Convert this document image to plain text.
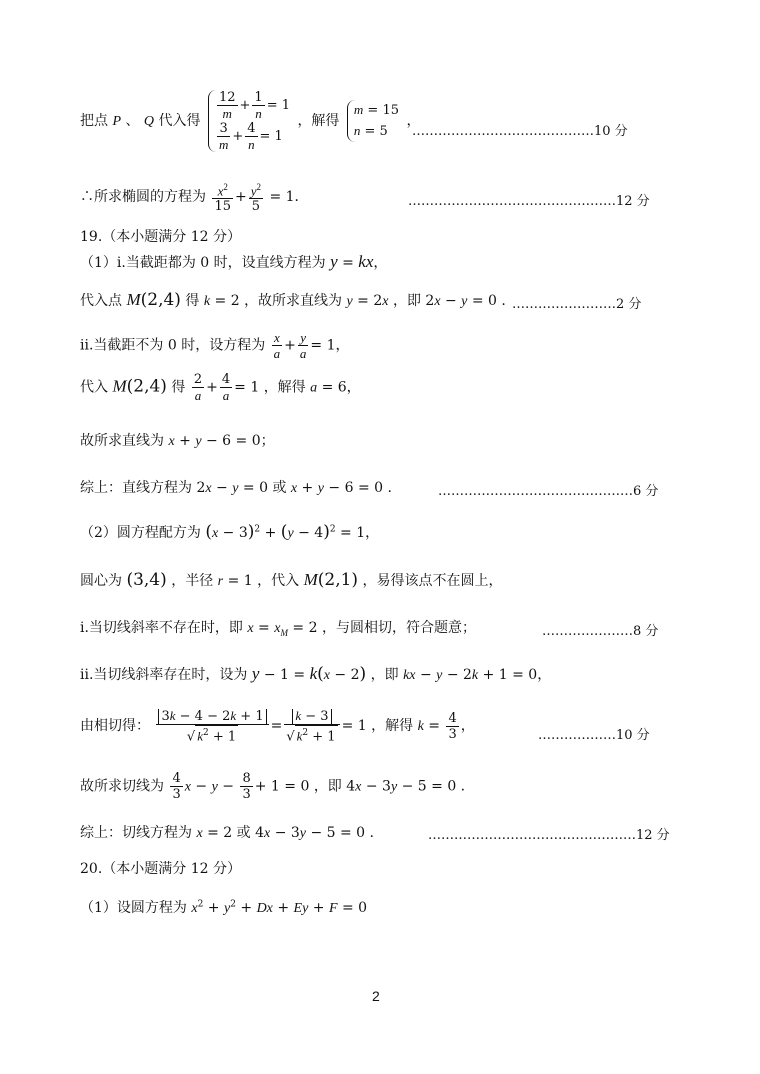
把点 P 、 Q 代入得 $\frac{12}{m} + \frac{1}{n} = 1$
$\frac{3}{m} + \frac{4}{n} = 1$
，解得
m = 15
n = 5
，
……………………………………10 分
∴所求椭圆的方程为 $\frac{x^2}{15} + \frac{y^2}{5} = 1$．	…………………………………………12 分
19.（本小题满分 12 分）
（1）i.当截距都为 0 时，设直线方程为 y = kx，
代入点 M(2,4) 得 k = 2 ，故所求直线为 y = 2x ，即 2x − y = 0 . ……………………2 分
ii.当截距不为 0 时，设方程为 $\frac{x}{a} + \frac{y}{a} = 1$，
代入 M(2,4) 得 $\frac{2}{a} + \frac{4}{a} = 1$ ，解得 a = 6，
故所求直线为 x + y − 6 = 0；
综上：直线方程为 2x − y = 0 或 x + y − 6 = 0 .	………………………………………6 分
（2）圆方程配方为 $(x - 3)^2 + (y - 4)^2 = 1$，
圆心为 (3,4) ，半径 r = 1 ，代入 M(2,1) ，易得该点不在圆上，
i.当切线斜率不存在时，即 $x = x_M = 2$ ，与圆相切，符合题意；	…………………8 分
ii.当切线斜率存在时，设为 y − 1 = k(x − 2) ，即 kx − y − 2k + 1 = 0，
由相切得： $\frac{3k - 4 - 2k + 1}{√ k^2 + 1} = \frac{k - 3}{√ k^2 + 1} = 1$ ，解得 $k = \frac{4}{3}$ ，
………………10 分
故所求切线为 $\frac{4}{3}$ $x - y - \frac{8}{3} + 1 = 0$ ，即 4x − 3y − 5 = 0 .
综上：切线方程为 x = 2 或 4x − 3y − 5 = 0 .	…………………………………………12 分
20.（本小题满分 12 分）
（1）设圆方程为 $x^2 + y^2 + Dx + Ey + F = 0$
2
